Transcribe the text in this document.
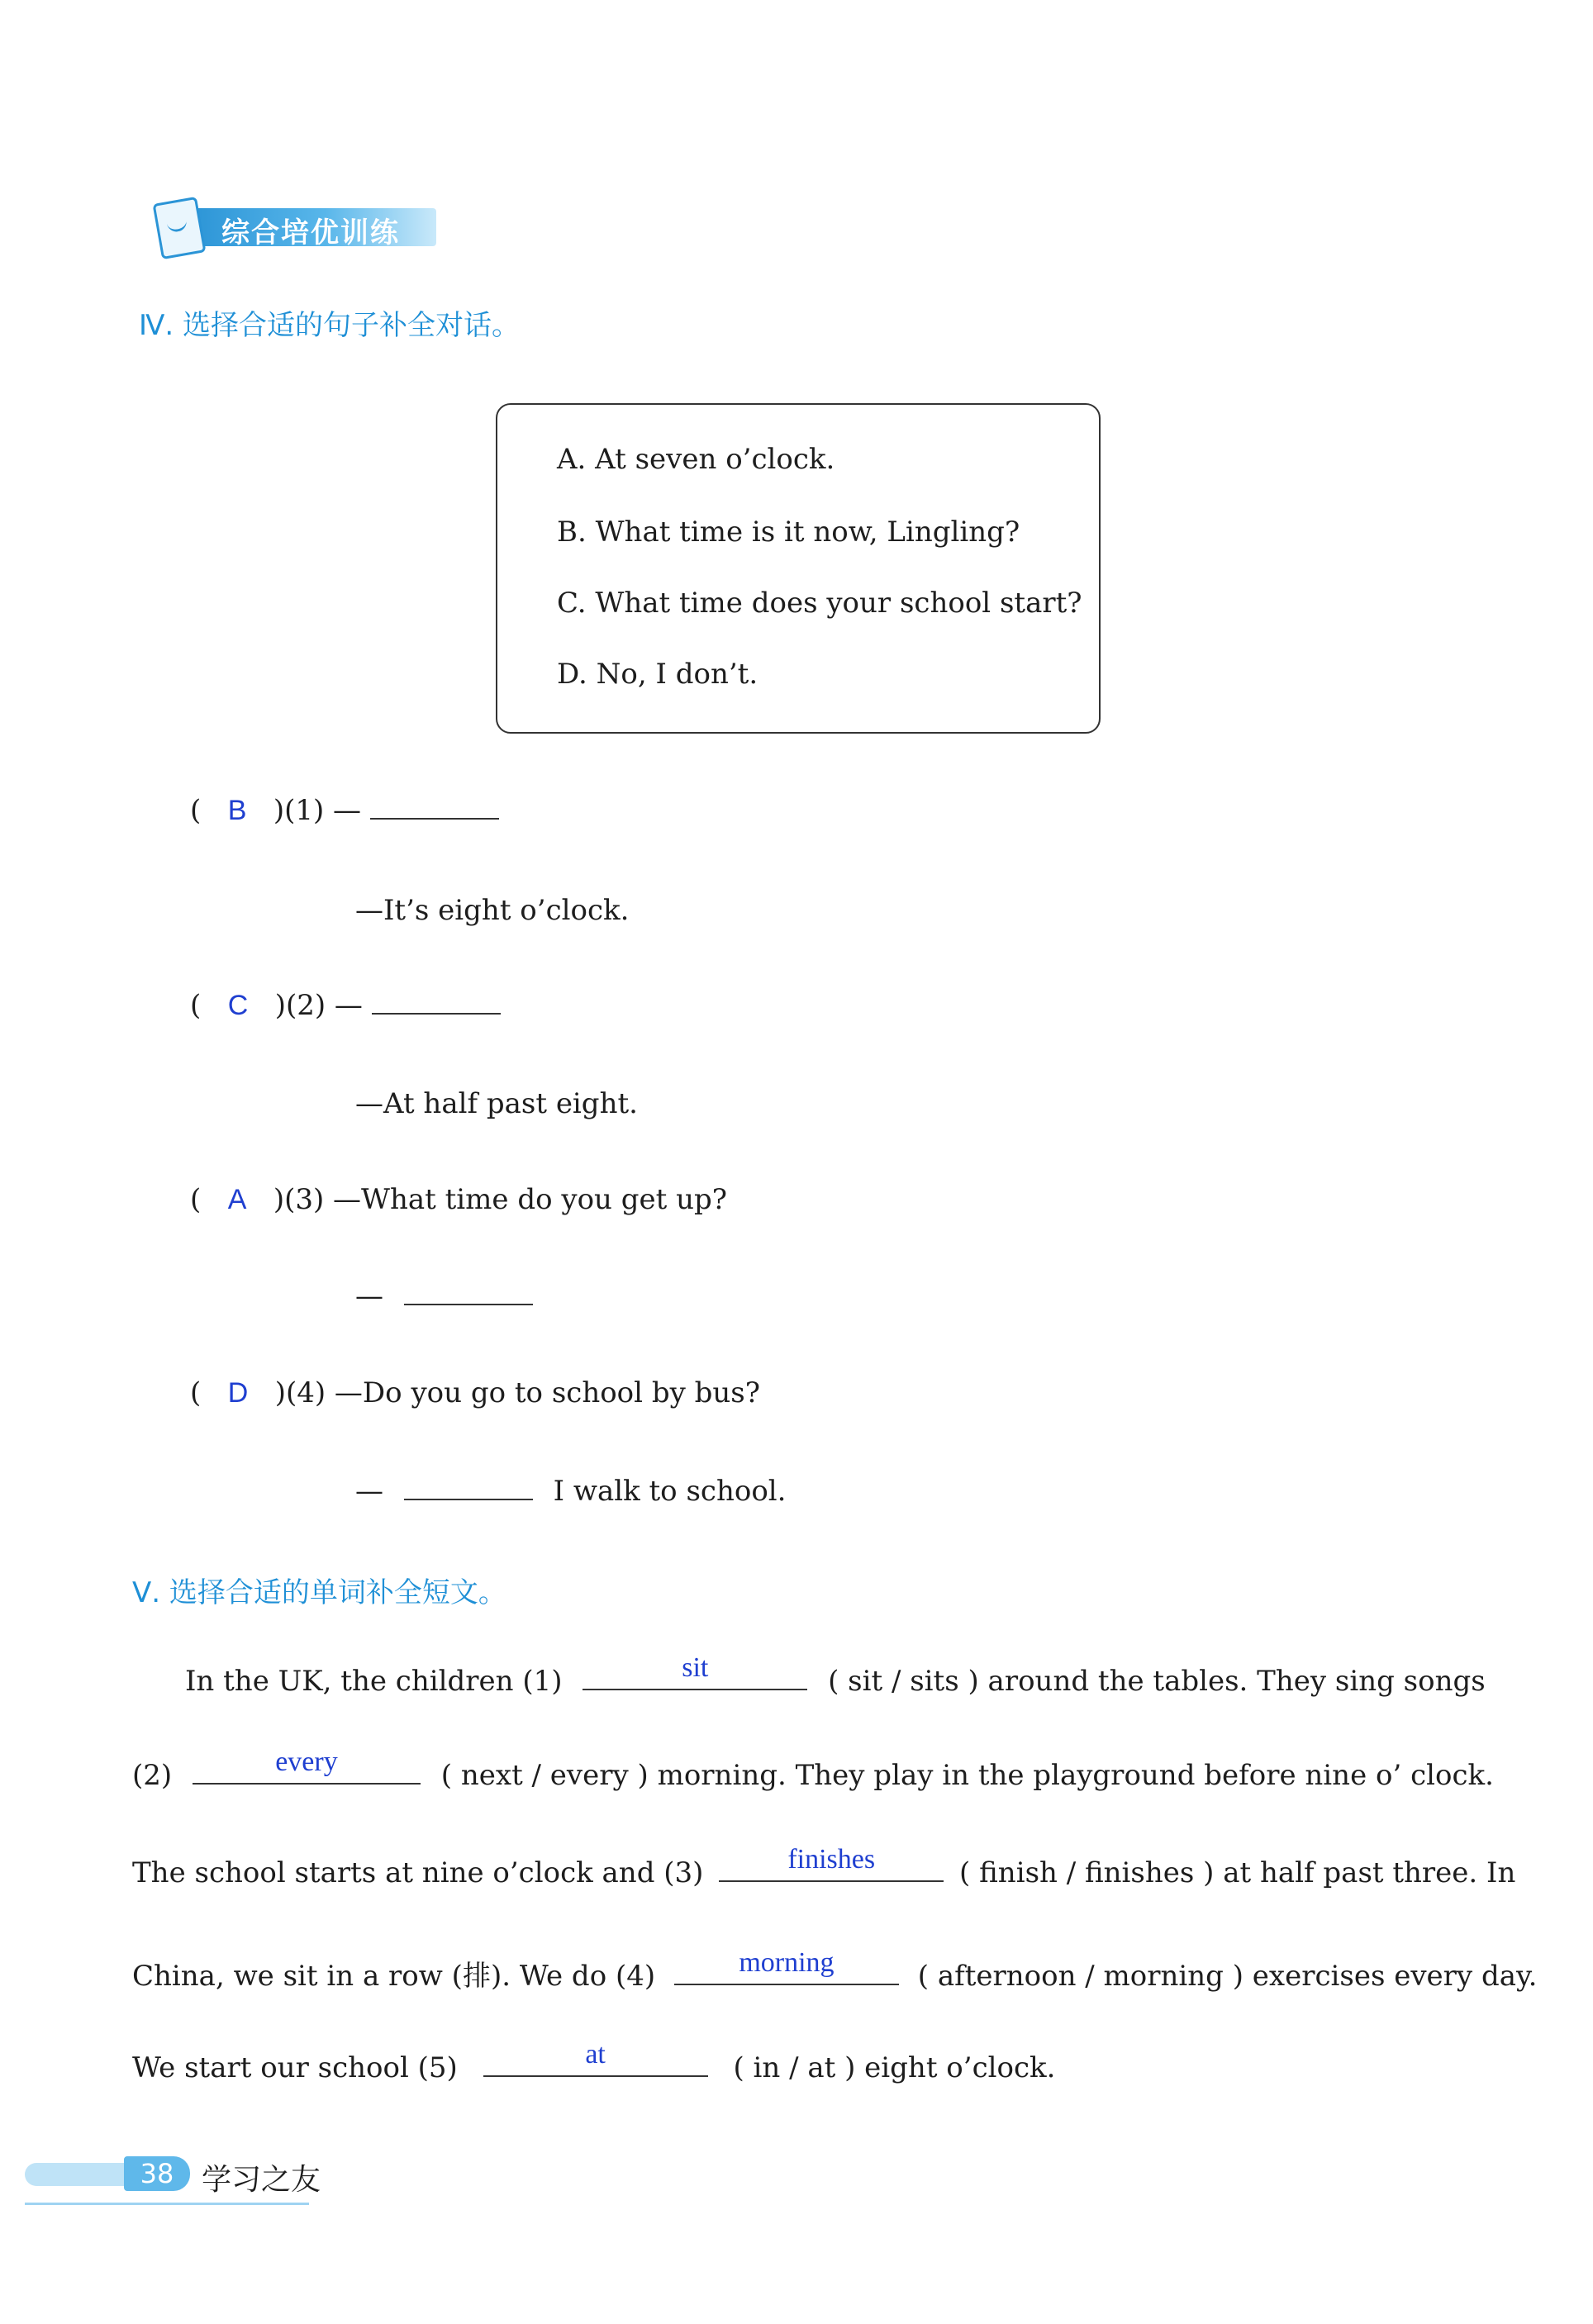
综合培优训练
Ⅳ. 选择合适的句子补全对话。
A. At seven o’clock.
B. What time is it now, Lingling?
C. What time does your school start?
D. No, I don’t.
(   B )(1) —
—It’s eight o’clock.
(   C )(2) —
—At half past eight.
(   A )(3) —What time do you get up?
—
(   D )(4) —Do you go to school by bus?
—	I walk to school.
Ⅴ. 选择合适的单词补全短文。
In the UK, the children (1)	sit	( sit / sits ) around the tables. They sing songs
(2)	every	( next / every ) morning. They play in the playground before nine o’ clock.
The school starts at nine o’clock and (3)	finishes	( finish / finishes ) at half past three. In
China, we sit in a row (排). We do (4)	morning	( afternoon / morning ) exercises every day.
We start our school (5)	at	( in / at ) eight o’clock.
38 学习之友
